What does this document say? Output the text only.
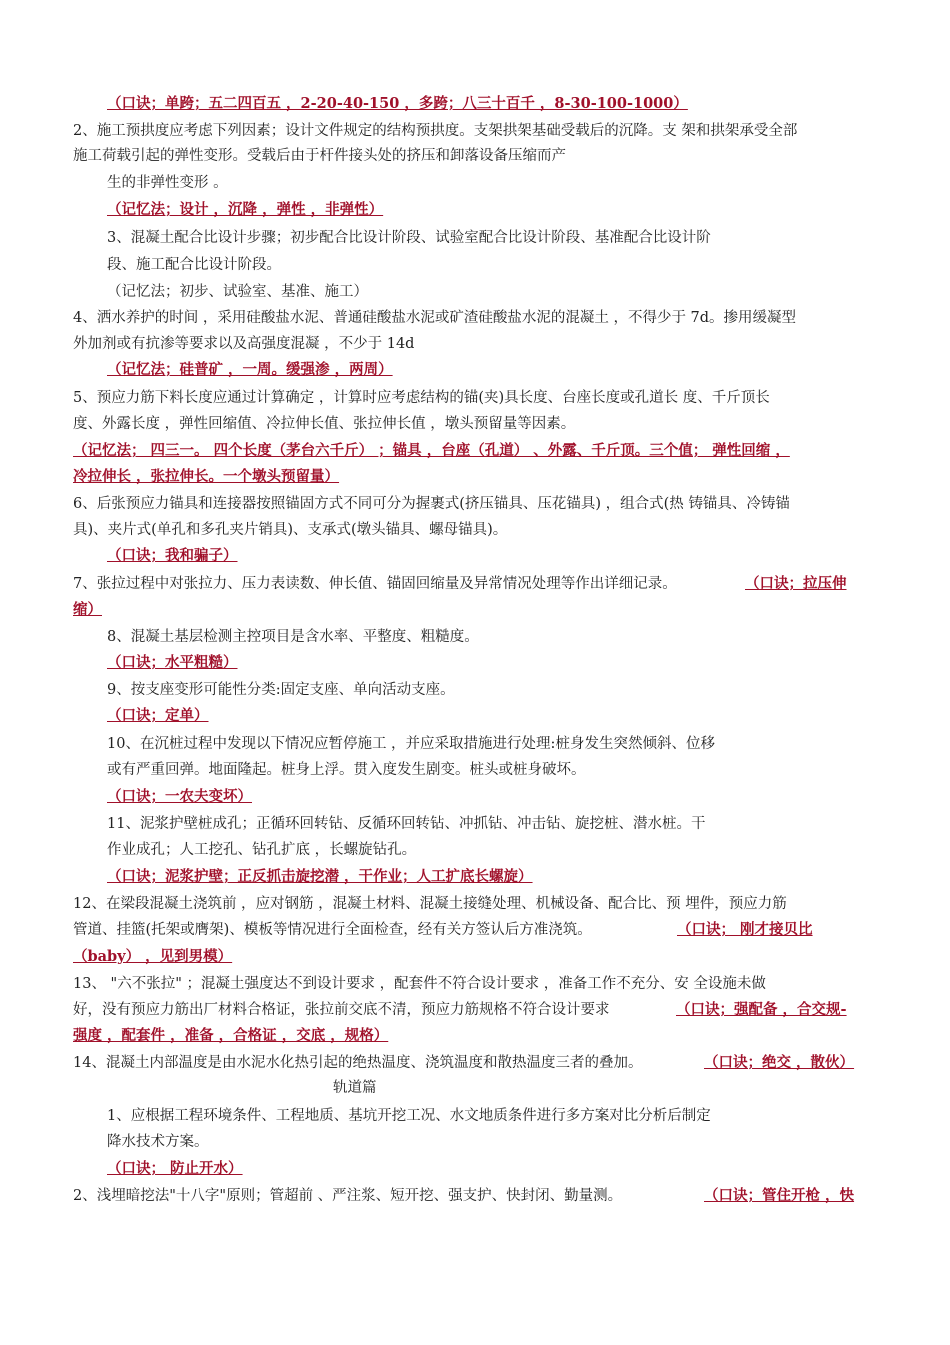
（口诀；单跨；五二四百五 ，2-20-40-150 ，多跨；八三十百千 ，8-30-100-1000）
2、施工预拱度应考虑下列因素；设计文件规定的结构预拱度。支架拱架基础受载后的沉降。支 架和拱架承受全部
施工荷载引起的弹性变形。受载后由于杆件接头处的挤压和卸落设备压缩而产
生的非弹性变形 。
（记忆法；设计 ，沉降 ，弹性 ，非弹性）
3、混凝土配合比设计步骤；初步配合比设计阶段、试验室配合比设计阶段、基准配合比设计阶
段、施工配合比设计阶段。
（记忆法；初步、试验室、基准、施工）
4、洒水养护的时间 ，采用硅酸盐水泥、普通硅酸盐水泥或矿渣硅酸盐水泥的混凝土 ，不得少于 7d。掺用缓凝型
外加剂或有抗渗等要求以及高强度混凝 ，不少于 14d
（记忆法；硅普矿 ，一周。缓强渗 ，两周）
5、预应力筋下料长度应通过计算确定 ，计算时应考虑结构的锚(夹)具长度、台座长度或孔道长 度、千斤顶长
度、外露长度 ，弹性回缩值、冷拉伸长值、张拉伸长值 ，墩头预留量等因素。
（记忆法； 四三一。 四个长度（茅台六千斤） ；锚具 ，台座（孔道） 、外露、千斤顶。三个值； 弹性回缩 ，
冷拉伸长 ，张拉伸长。一个墩头预留量）
6、后张预应力锚具和连接器按照锚固方式不同可分为握裹式(挤压锚具、压花锚具) ，组合式(热 铸锚具、冷铸锚
具)、夹片式(单孔和多孔夹片销具)、支承式(墩头锚具、螺母锚具)。
（口诀；我和骗子）
7、张拉过程中对张拉力、压力表读数、伸长值、锚固回缩量及异常情况处理等作出详细记录。	（口诀；拉压伸
缩）
8、混凝土基层检测主控项目是含水率、平整度、粗糙度。
（口诀；水平粗糙）
9、按支座变形可能性分类:固定支座、单向活动支座。
（口诀；定单）
10、在沉桩过程中发现以下情况应暂停施工 ，并应采取措施进行处理:桩身发生突然倾斜、位移
或有严重回弹。地面隆起。桩身上浮。贯入度发生剧变。桩头或桩身破坏。
（口诀；一农夫变坏）
11、泥浆护壁桩成孔；正循环回转钻、反循环回转钻、冲抓钻、冲击钻、旋挖桩、潜水桩。干
作业成孔；人工挖孔、钻孔扩底 ，长螺旋钻孔。
（口诀；泥浆护壁；正反抓击旋挖潜 ，干作业；人工扩底长螺旋）
12、在梁段混凝土浇筑前 ，应对钢筋 ，混凝土材料、混凝土接缝处理、机械设备、配合比、预 埋件，预应力筋
管道、挂篮(托架或膺架)、模板等情况进行全面检查，经有关方签认后方准浇筑。	（口诀； 刚才接贝比
（baby） ，见到男模）
13、 "六不张拉" ；混凝土强度达不到设计要求 ，配套件不符合设计要求 ，准备工作不充分、安 全设施未做
好，没有预应力筋出厂材料合格证，张拉前交底不清，预应力筋规格不符合设计要求	（口诀；强配备 ，合交规-
强度 ，配套件 ，准备 ，合格证 ，交底 ，规格）
14、混凝土内部温度是由水泥水化热引起的绝热温度、浇筑温度和散热温度三者的叠加。	（口诀；绝交 ，散伙）
轨道篇
1、应根据工程环境条件、工程地质、基坑开挖工况、水文地质条件进行多方案对比分析后制定
降水技术方案。
（口诀； 防止开水）
2、浅埋暗挖法"十八字"原则；管超前 、严注浆、短开挖、强支护、快封闭、勤量测。	（口诀；管住开枪 ，快
